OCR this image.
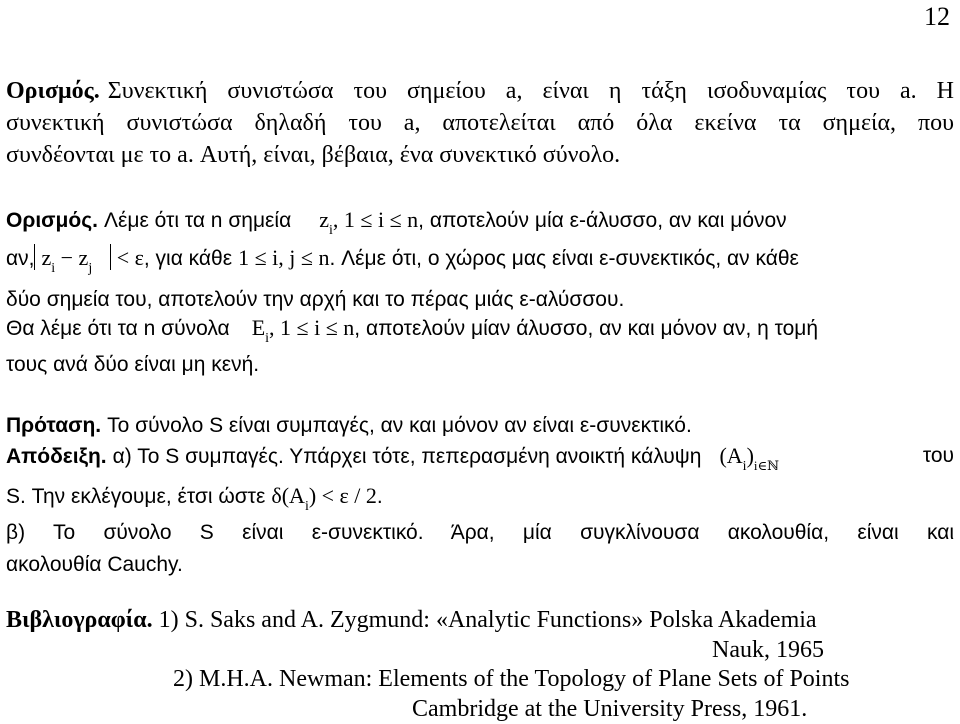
12
Ορισμός. Συνεκτική συνιστώσα του σημείου a, είναι η τάξη ισοδυναμίας του a. Η
συνεκτική συνιστώσα δηλαδή του a, αποτελείται από όλα εκείνα τα σημεία, που
συνδέονται με το a. Αυτή, είναι, βέβαια, ένα συνεκτικό σύνολο.
Ορισμός. Λέμε ότι τα n σημεία $z_i$, 1 ≤ i ≤ n, αποτελούν μία ε-άλυσσο, αν και μόνον
αν, $z_i - z_j < \varepsilon$, για κάθε 1 ≤ i, j ≤ n. Λέμε ότι, ο χώρος μας είναι ε-συνεκτικός, αν κάθε
δύο σημεία του, αποτελούν την αρχή και το πέρας μιάς ε-αλύσσου.
Θα λέμε ότι τα n σύνολα $E_i$, 1 ≤ i ≤ n, αποτελούν μίαν άλυσσο, αν και μόνον αν, η τομή
τους ανά δύο είναι μη κενή.
Πρόταση. Το σύνολο S είναι συμπαγές, αν και μόνον αν είναι ε-συνεκτικό.
Απόδειξη. α) Το S συμπαγές. Υπάρχει τότε, πεπερασμένη ανοικτή κάλυψη $(A_i)_{i\in ℕ}$	του
S. Την εκλέγουμε, έτσι ώστε $\delta(A_i) < \varepsilon / 2$.
β) Το σύνολο S είναι ε-συνεκτικό. Άρα, μία συγκλίνουσα ακολουθία, είναι και
ακολουθία Cauchy.
Βιβλιογραφία. 1) S. Saks and A. Zygmund: «Analytic Functions» Polska Akademia
Nauk, 1965
2) M.H.A. Newman: Elements of the Topology of Plane Sets of Points
Cambridge at the University Press, 1961.
